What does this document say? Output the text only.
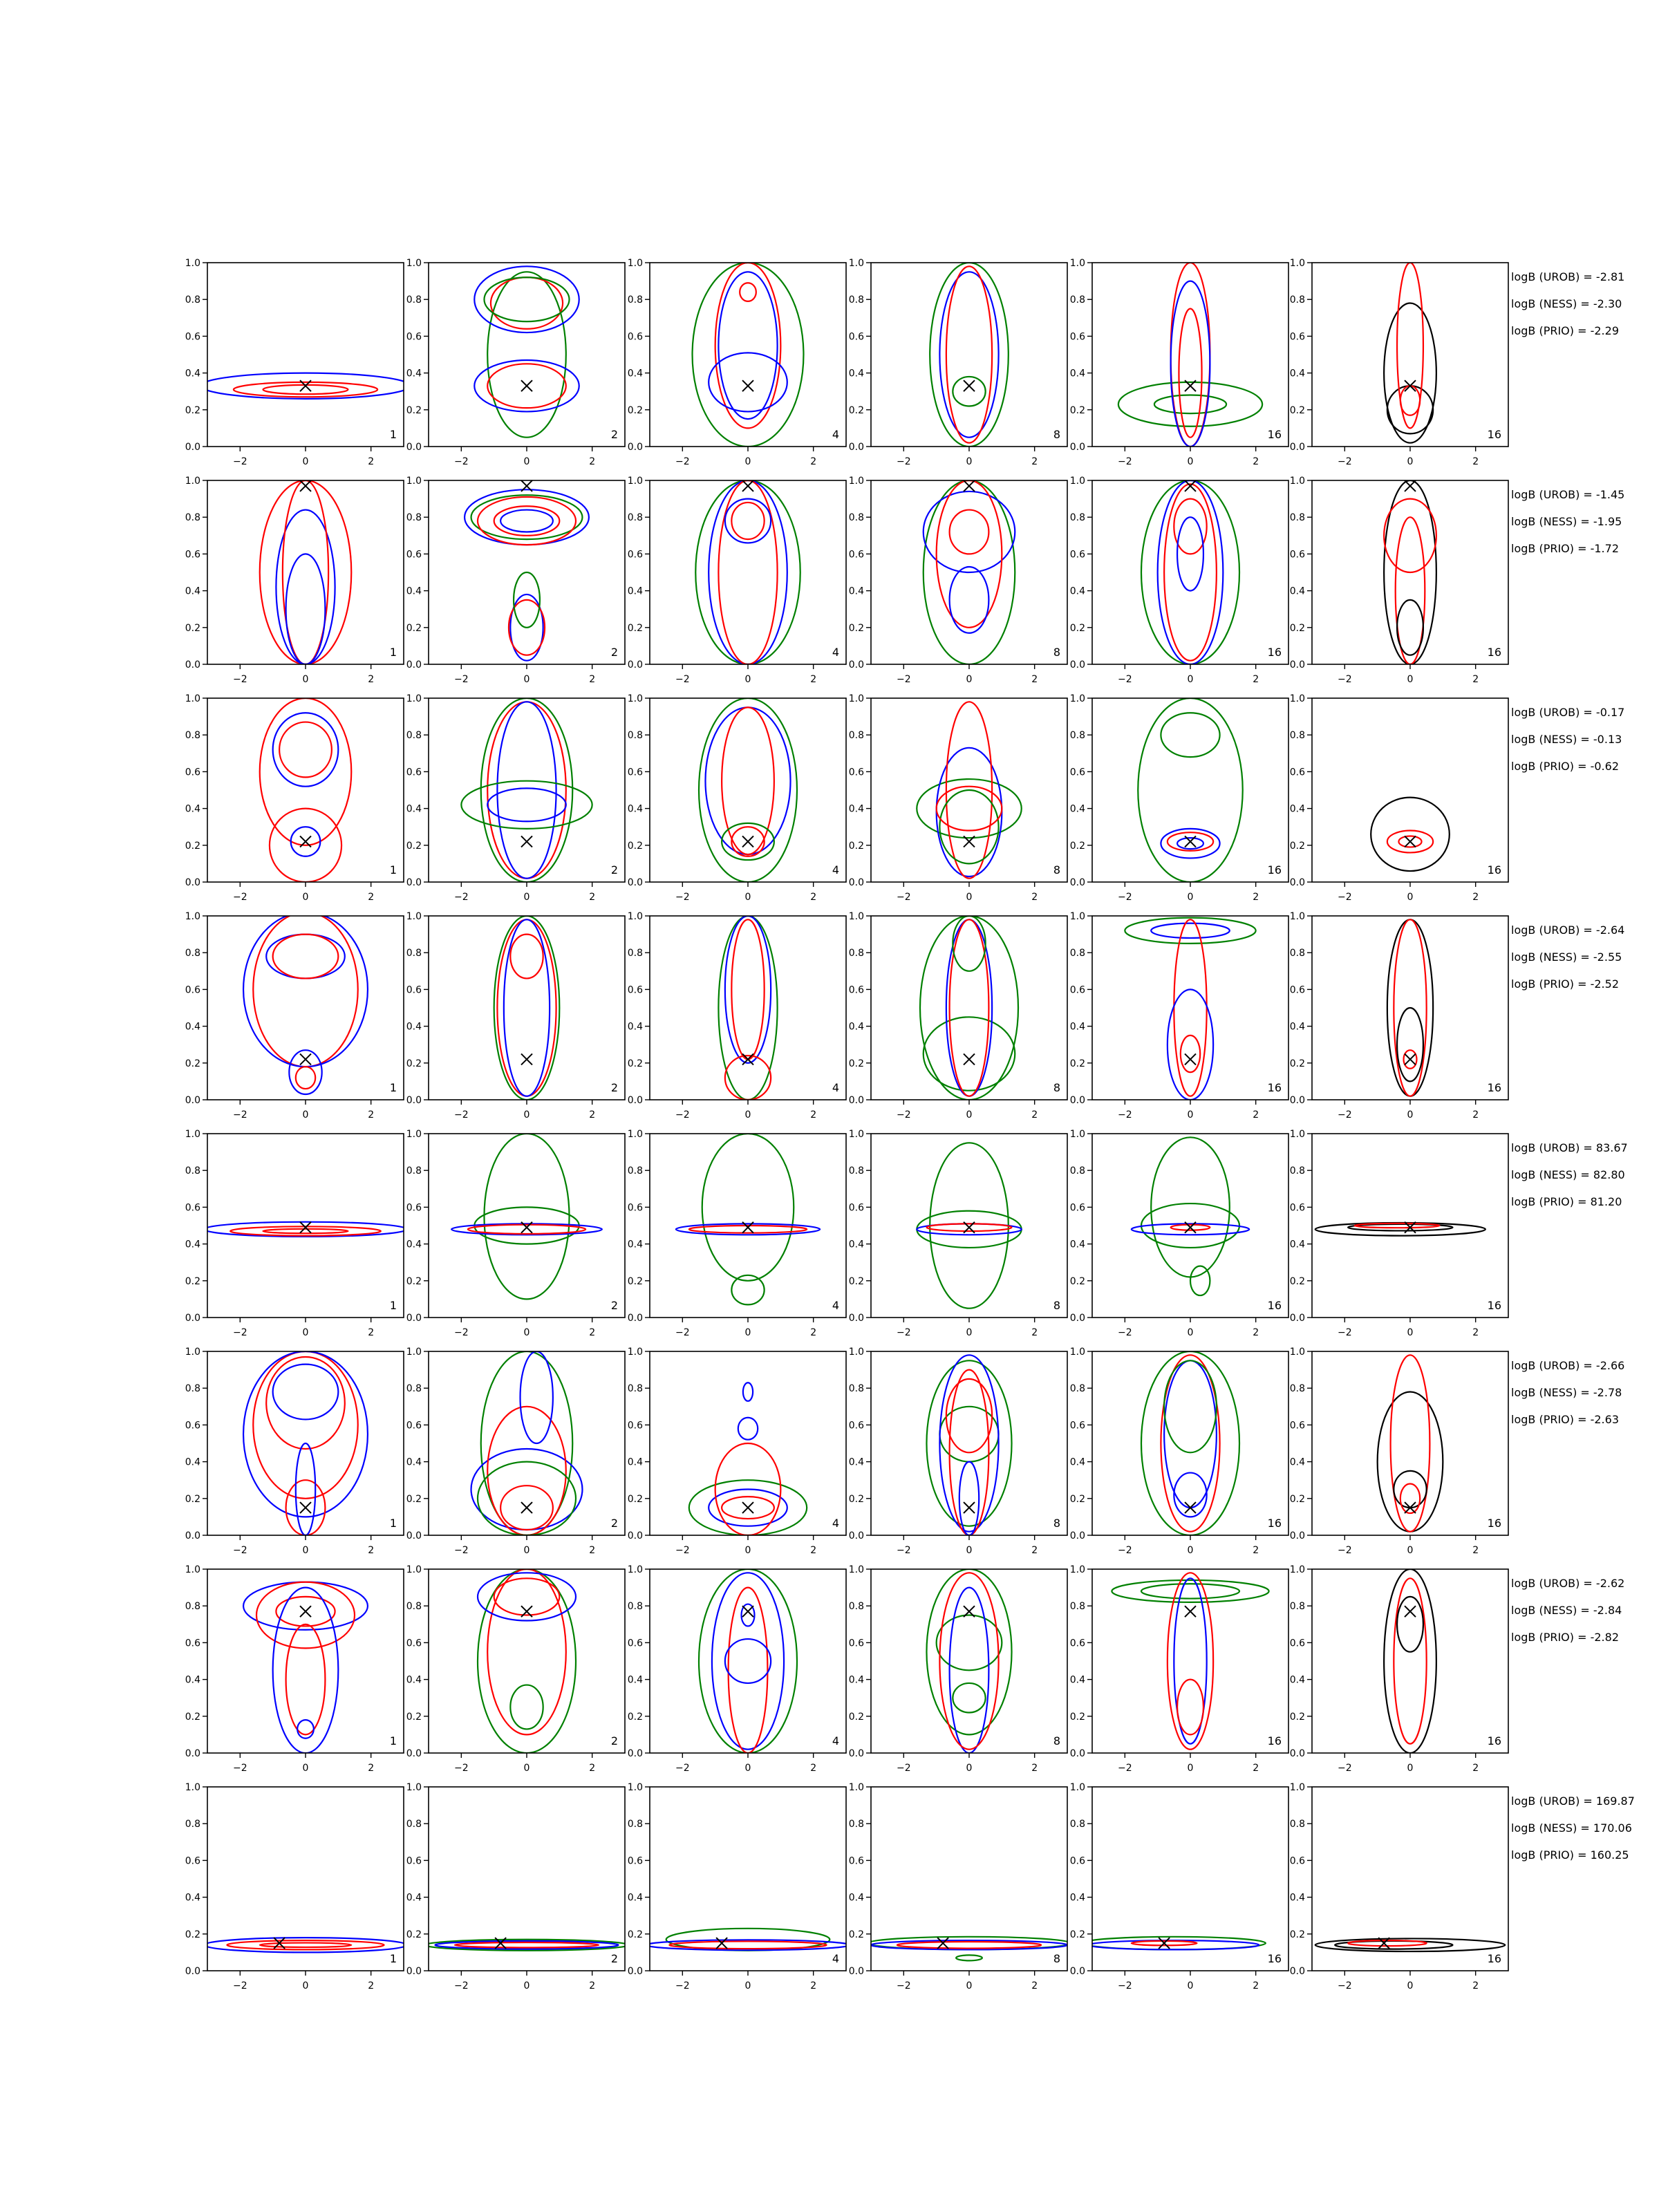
−2	0	2
0.0
0.2
0.4
0.6
0.8
1.0
1
−2	0	2
0.0
0.2
0.4
0.6
0.8
1.0
2
−2	0	2
0.0
0.2
0.4
0.6
0.8
1.0
4
−2	0	2
0.0
0.2
0.4
0.6
0.8
1.0
8
−2	0	2
0.0
0.2
0.4
0.6
0.8
1.0
16
−2	0	2
0.0
0.2
0.4
0.6
0.8
1.0
16
logB (UROB) = -2.81
logB (NESS) = -2.30
logB (PRIO) = -2.29
−2	0	2
0.0
0.2
0.4
0.6
0.8
1.0
1
−2	0	2
0.0
0.2
0.4
0.6
0.8
1.0
2
−2	0	2
0.0
0.2
0.4
0.6
0.8
1.0
4
−2	0	2
0.0
0.2
0.4
0.6
0.8
1.0
8
−2	0	2
0.0
0.2
0.4
0.6
0.8
1.0
16
−2	0	2
0.0
0.2
0.4
0.6
0.8
1.0
16
logB (UROB) = -1.45
logB (NESS) = -1.95
logB (PRIO) = -1.72
−2	0	2
0.0
0.2
0.4
0.6
0.8
1.0
1
−2	0	2
0.0
0.2
0.4
0.6
0.8
1.0
2
−2	0	2
0.0
0.2
0.4
0.6
0.8
1.0
4
−2	0	2
0.0
0.2
0.4
0.6
0.8
1.0
8
−2	0	2
0.0
0.2
0.4
0.6
0.8
1.0
16
−2	0	2
0.0
0.2
0.4
0.6
0.8
1.0
16
logB (UROB) = -0.17
logB (NESS) = -0.13
logB (PRIO) = -0.62
−2	0	2
0.0
0.2
0.4
0.6
0.8
1.0
1
−2	0	2
0.0
0.2
0.4
0.6
0.8
1.0
2
−2	0	2
0.0
0.2
0.4
0.6
0.8
1.0
4
−2	0	2
0.0
0.2
0.4
0.6
0.8
1.0
8
−2	0	2
0.0
0.2
0.4
0.6
0.8
1.0
16
−2	0	2
0.0
0.2
0.4
0.6
0.8
1.0
16
logB (UROB) = -2.64
logB (NESS) = -2.55
logB (PRIO) = -2.52
−2	0	2
0.0
0.2
0.4
0.6
0.8
1.0
1
−2	0	2
0.0
0.2
0.4
0.6
0.8
1.0
2
−2	0	2
0.0
0.2
0.4
0.6
0.8
1.0
4
−2	0	2
0.0
0.2
0.4
0.6
0.8
1.0
8
−2	0	2
0.0
0.2
0.4
0.6
0.8
1.0
16
−2	0	2
0.0
0.2
0.4
0.6
0.8
1.0
16
logB (UROB) = 83.67
logB (NESS) = 82.80
logB (PRIO) = 81.20
−2	0	2
0.0
0.2
0.4
0.6
0.8
1.0
1
−2	0	2
0.0
0.2
0.4
0.6
0.8
1.0
2
−2	0	2
0.0
0.2
0.4
0.6
0.8
1.0
4
−2	0	2
0.0
0.2
0.4
0.6
0.8
1.0
8
−2	0	2
0.0
0.2
0.4
0.6
0.8
1.0
16
−2	0	2
0.0
0.2
0.4
0.6
0.8
1.0
16
logB (UROB) = -2.66
logB (NESS) = -2.78
logB (PRIO) = -2.63
−2	0	2
0.0
0.2
0.4
0.6
0.8
1.0
1
−2	0	2
0.0
0.2
0.4
0.6
0.8
1.0
2
−2	0	2
0.0
0.2
0.4
0.6
0.8
1.0
4
−2	0	2
0.0
0.2
0.4
0.6
0.8
1.0
8
−2	0	2
0.0
0.2
0.4
0.6
0.8
1.0
16
−2	0	2
0.0
0.2
0.4
0.6
0.8
1.0
16
logB (UROB) = -2.62
logB (NESS) = -2.84
logB (PRIO) = -2.82
−2	0	2
0.0
0.2
0.4
0.6
0.8
1.0
1
−2	0	2
0.0
0.2
0.4
0.6
0.8
1.0
2
−2	0	2
0.0
0.2
0.4
0.6
0.8
1.0
4
−2	0	2
0.0
0.2
0.4
0.6
0.8
1.0
8
−2	0	2
0.0
0.2
0.4
0.6
0.8
1.0
16
−2	0	2
0.0
0.2
0.4
0.6
0.8
1.0
16
logB (UROB) = 169.87
logB (NESS) = 170.06
logB (PRIO) = 160.25
